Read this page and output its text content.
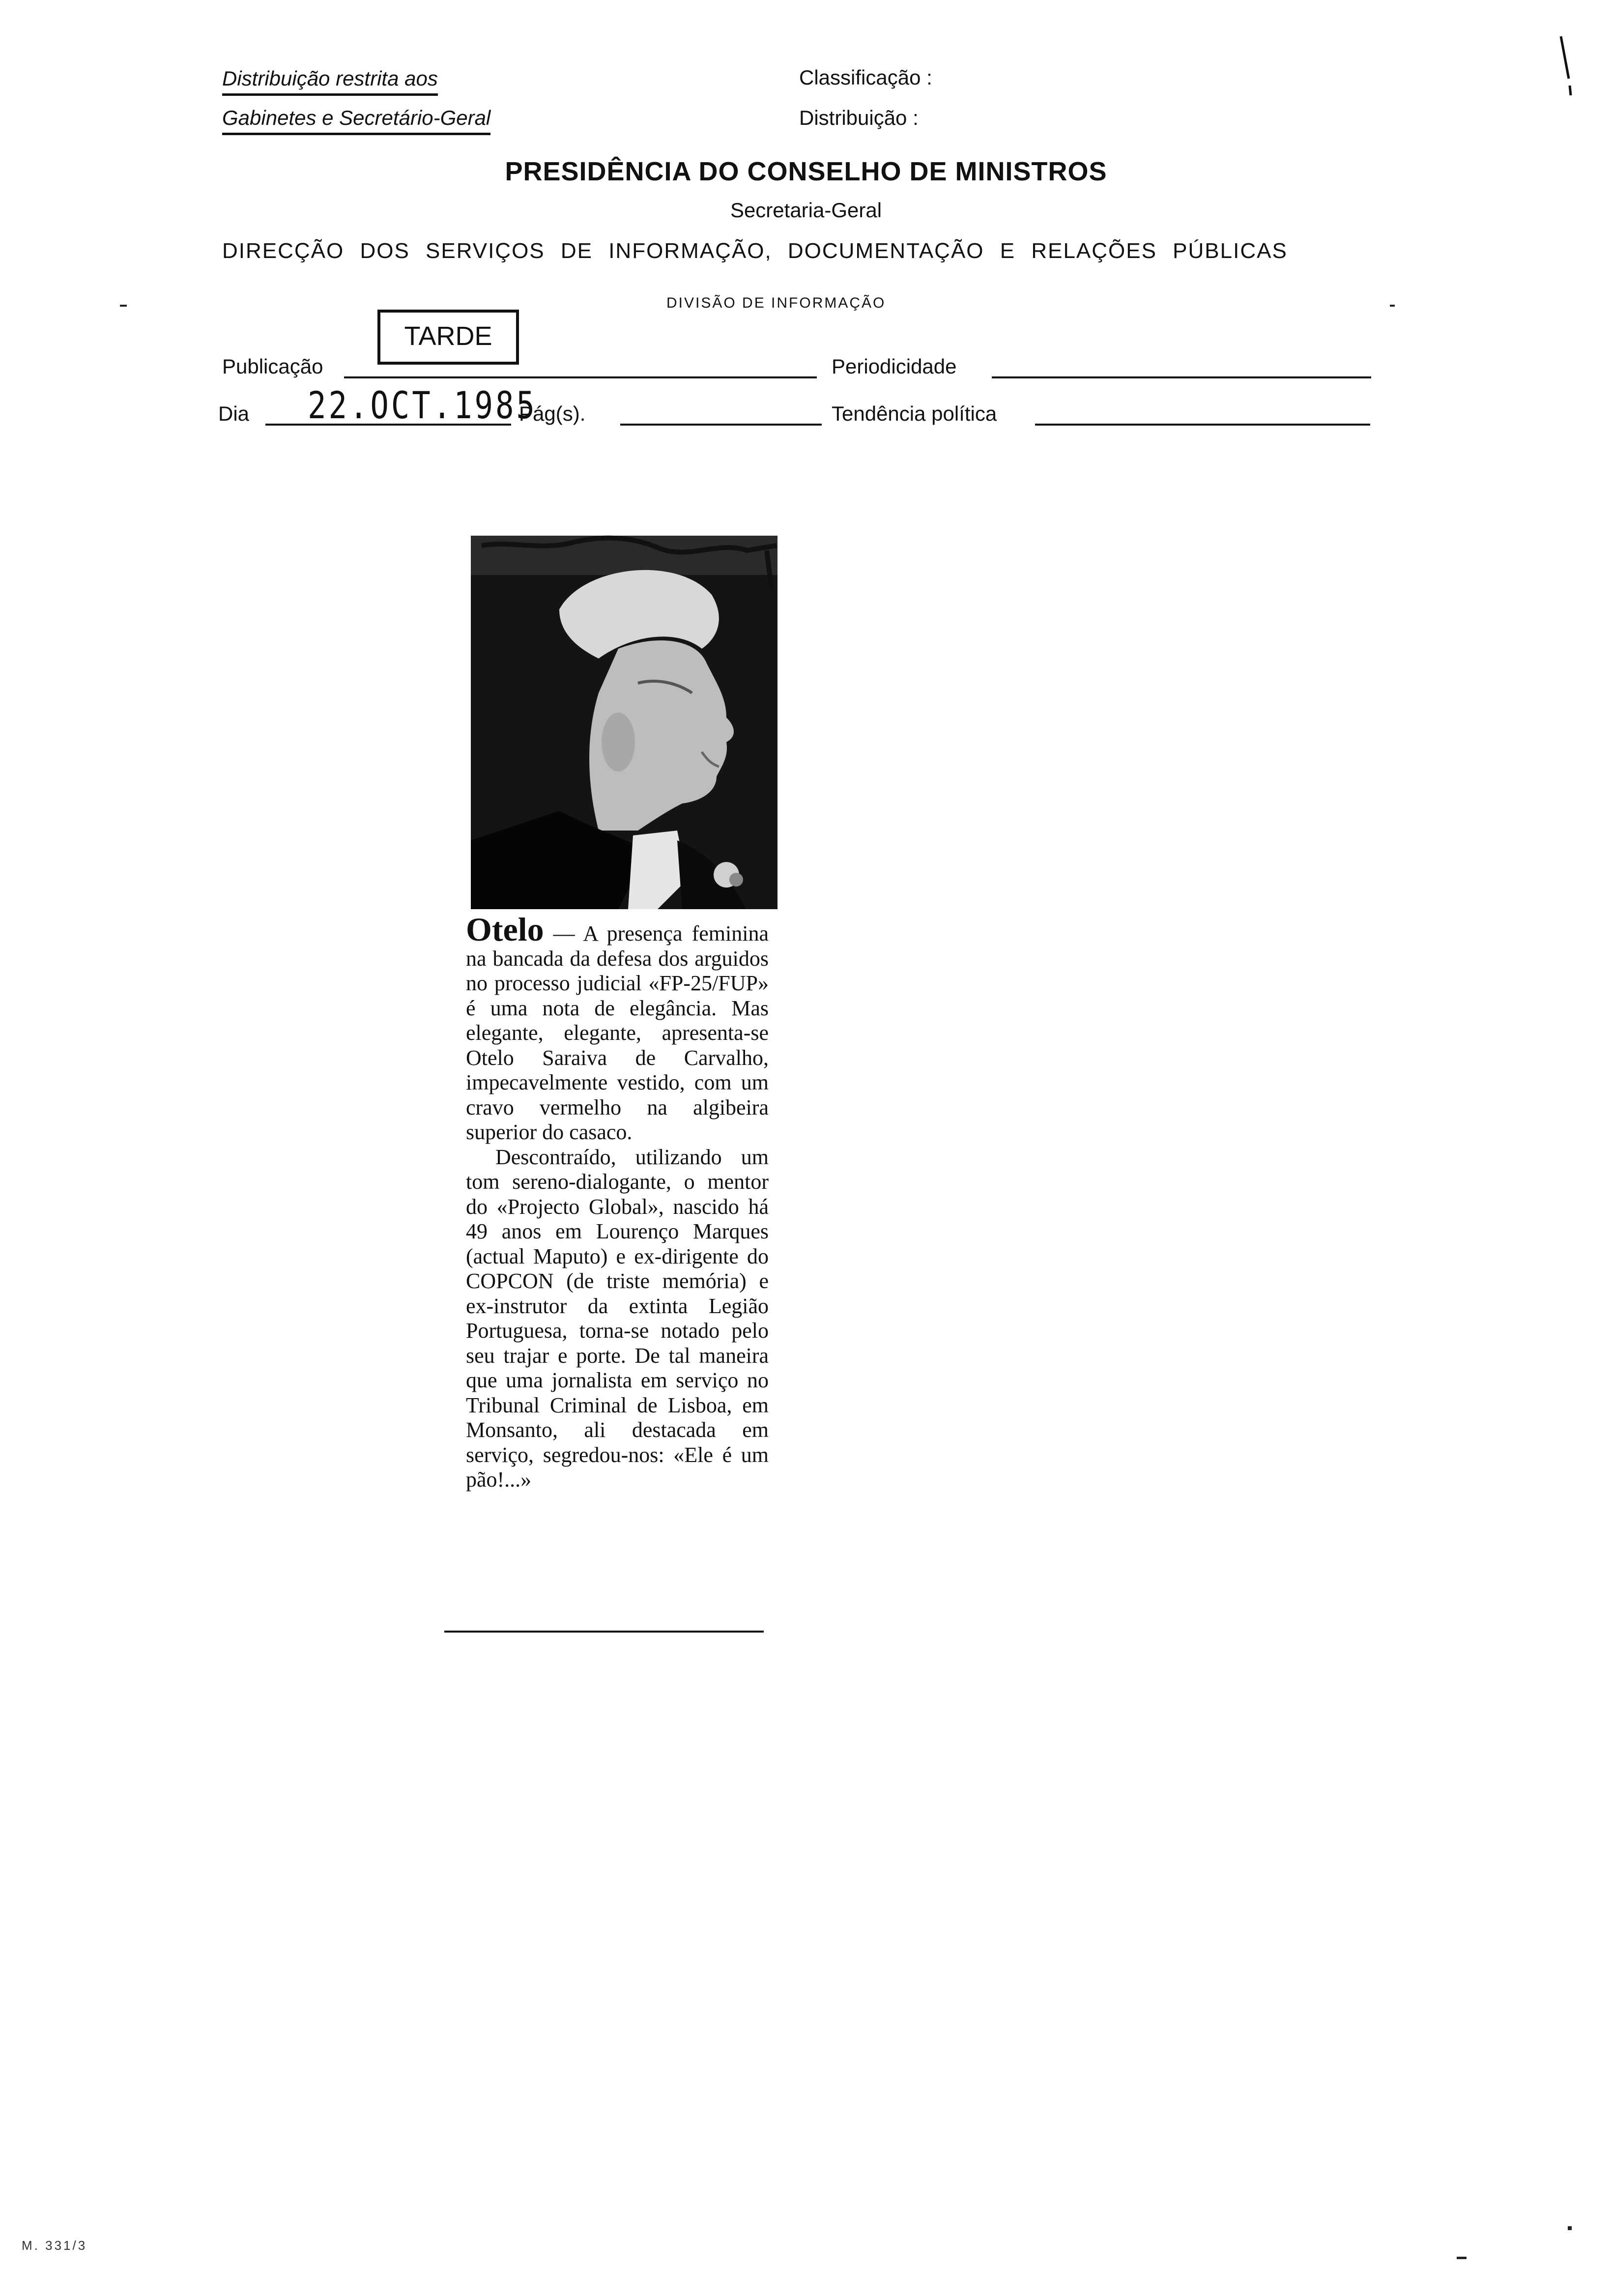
Distribuição restrita aos
Gabinetes e Secretário-Geral
Classificação :
Distribuição :
PRESIDÊNCIA DO CONSELHO DE MINISTROS
Secretaria-Geral
DIRECÇÃO DOS SERVIÇOS DE INFORMAÇÃO, DOCUMENTAÇÃO E RELAÇÕES PÚBLICAS
DIVISÃO DE INFORMAÇÃO
TARDE
Publicação	Periodicidade
Dia 22.OCT.1985
Pág(s).	Tendência política

Otelo — A presença feminina na bancada da defesa dos arguidos no processo judicial «FP-25/FUP» é uma nota de elegância. Mas elegante, elegante, apresenta-se Otelo Saraiva de Carvalho, impecavelmente vestido, com um cravo vermelho na algibeira superior do casaco.

Descontraído, utilizando um tom sereno-dialogante, o mentor do «Projecto Global», nascido há 49 anos em Lourenço Marques (actual Maputo) e ex-dirigente do COPCON (de triste memória) e ex-instrutor da extinta Legião Portuguesa, torna-se notado pelo seu trajar e porte. De tal maneira que uma jornalista em serviço no Tribunal Criminal de Lisboa, em Monsanto, ali destacada em serviço, segredou-nos: «Ele é um pão!...»

M. 331/3
